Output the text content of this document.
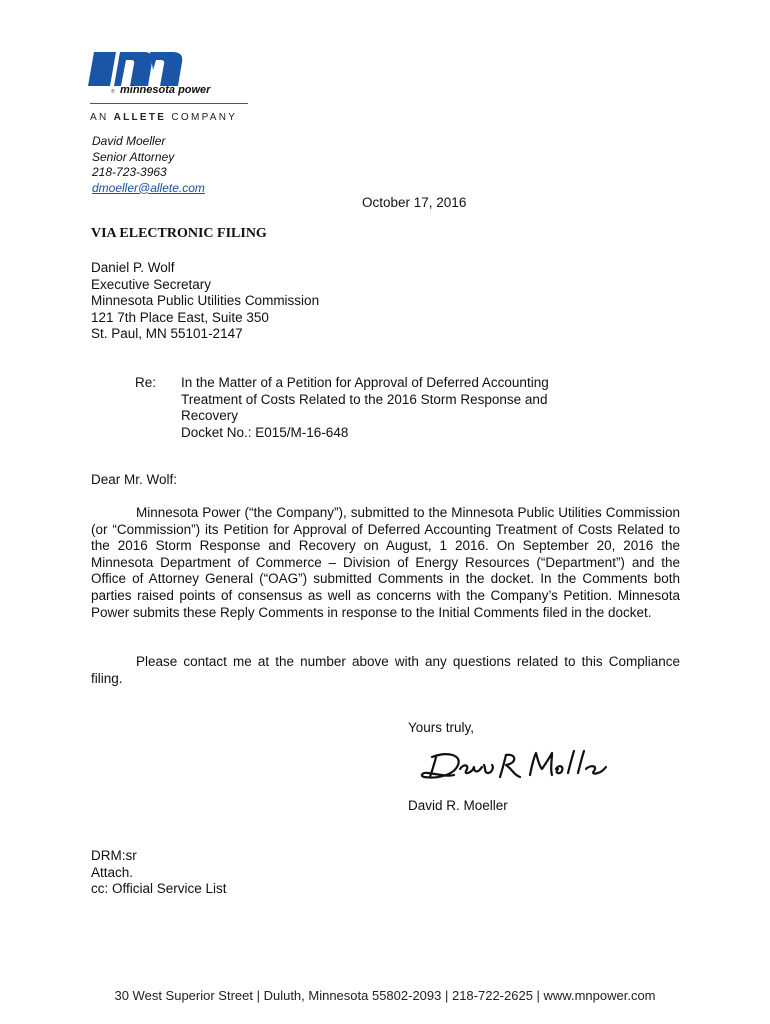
® minnesota power
AN ALLETE COMPANY
David Moeller
Senior Attorney
218-723-3963
dmoeller@allete.com
October 17, 2016
VIA ELECTRONIC FILING
Daniel P. Wolf
Executive Secretary
Minnesota Public Utilities Commission
121 7th Place East, Suite 350
St. Paul, MN 55101-2147
Re: In the Matter of a Petition for Approval of Deferred Accounting
Treatment of Costs Related to the 2016 Storm Response and
Recovery
Docket No.: E015/M-16-648
Dear Mr. Wolf:
Minnesota Power (“the Company”), submitted to the Minnesota Public Utilities Commission (or “Commission”) its Petition for Approval of Deferred Accounting Treatment of Costs Related to the 2016 Storm Response and Recovery on August, 1 2016. On September 20, 2016 the Minnesota Department of Commerce – Division of Energy Resources (“Department”) and the Office of Attorney General (“OAG”) submitted Comments in the docket. In the Comments both parties raised points of consensus as well as concerns with the Company’s Petition. Minnesota Power submits these Reply Comments in response to the Initial Comments filed in the docket.
Please contact me at the number above with any questions related to this Compliance filing.
Yours truly,
David R. Moeller
DRM:sr
Attach.
cc: Official Service List
30 West Superior Street | Duluth, Minnesota 55802-2093 | 218-722-2625 | www.mnpower.com
